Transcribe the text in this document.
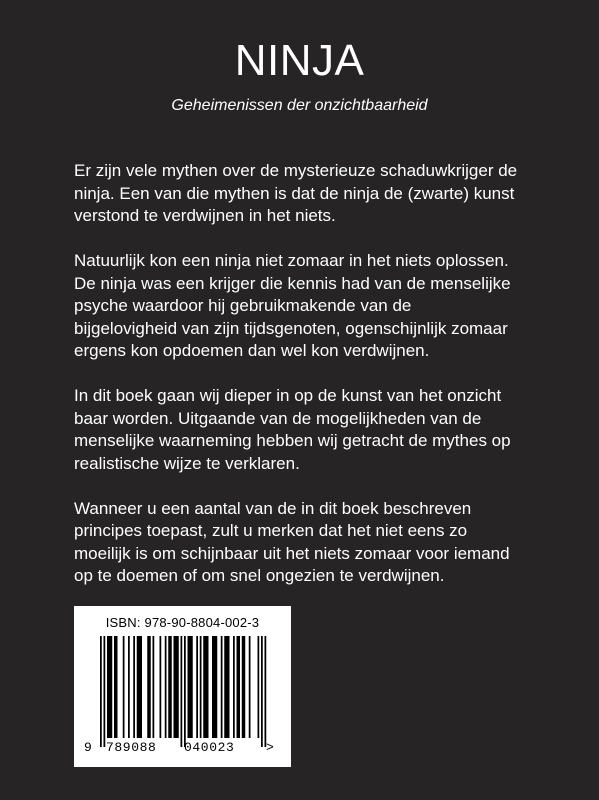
NINJA
Geheimenissen der onzichtbaarheid

Er zijn vele mythen over de mysterieuze schaduwkrijger de
ninja. Een van die mythen is dat de ninja de (zwarte) kunst
verstond te verdwijnen in het niets.

Natuurlijk kon een ninja niet zomaar in het niets oplossen.
De ninja was een krijger die kennis had van de menselijke
psyche waardoor hij gebruikmakende van de
bijgelovigheid van zijn tijdsgenoten, ogenschijnlijk zomaar
ergens kon opdoemen dan wel kon verdwijnen.

In dit boek gaan wij dieper in op de kunst van het onzicht
baar worden. Uitgaande van de mogelijkheden van de
menselijke waarneming hebben wij getracht de mythes op
realistische wijze te verklaren.

Wanneer u een aantal van de in dit boek beschreven
principes toepast, zult u merken dat het niet eens zo
moeilijk is om schijnbaar uit het niets zomaar voor iemand
op te doemen of om snel ongezien te verdwijnen.

ISBN: 978-90-8804-002-3
9 789088 040023 >
